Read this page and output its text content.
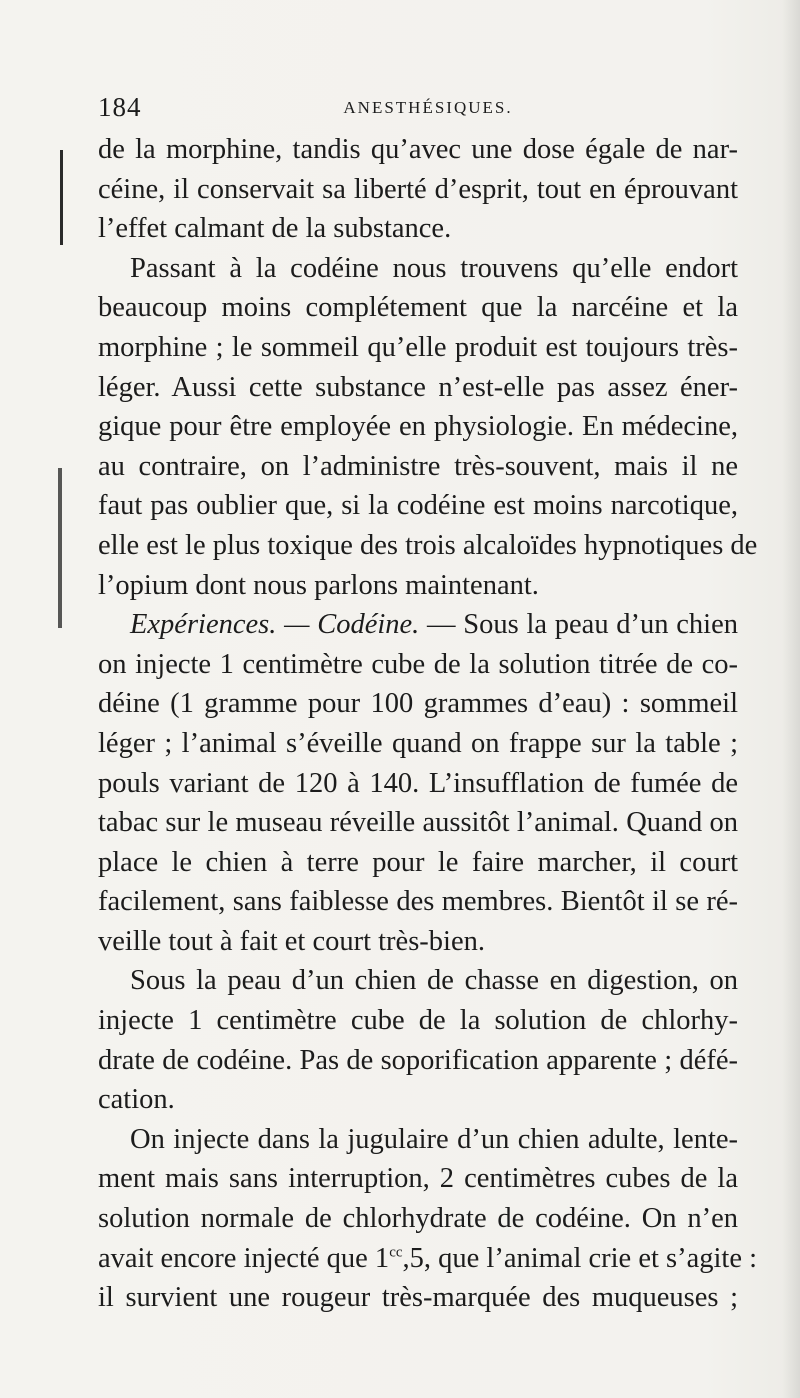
184	ANESTHÉSIQUES.
de la morphine, tandis qu’avec une dose égale de nar-
céine, il conservait sa liberté d’esprit, tout en éprouvant
l’effet calmant de la substance.
Passant à la codéine nous trouvens qu’elle endort
beaucoup moins complétement que la narcéine et la
morphine ; le sommeil qu’elle produit est toujours très-
léger. Aussi cette substance n’est-elle pas assez éner-
gique pour être employée en physiologie. En médecine,
au contraire, on l’administre très-souvent, mais il ne
faut pas oublier que, si la codéine est moins narcotique,
elle est le plus toxique des trois alcaloïdes hypnotiques de
l’opium dont nous parlons maintenant.
Expériences. — Codéine. — Sous la peau d’un chien
on injecte 1 centimètre cube de la solution titrée de co-
déine (1 gramme pour 100 grammes d’eau) : sommeil
léger ; l’animal s’éveille quand on frappe sur la table ;
pouls variant de 120 à 140. L’insufflation de fumée de
tabac sur le museau réveille aussitôt l’animal. Quand on
place le chien à terre pour le faire marcher, il court
facilement, sans faiblesse des membres. Bientôt il se ré-
veille tout à fait et court très-bien.
Sous la peau d’un chien de chasse en digestion, on
injecte 1 centimètre cube de la solution de chlorhy-
drate de codéine. Pas de soporification apparente ; défé-
cation.
On injecte dans la jugulaire d’un chien adulte, lente-
ment mais sans interruption, 2 centimètres cubes de la
solution normale de chlorhydrate de codéine. On n’en
avait encore injecté que $1^{cc},5$, que l’animal crie et s’agite :
il survient une rougeur très-marquée des muqueuses ;
